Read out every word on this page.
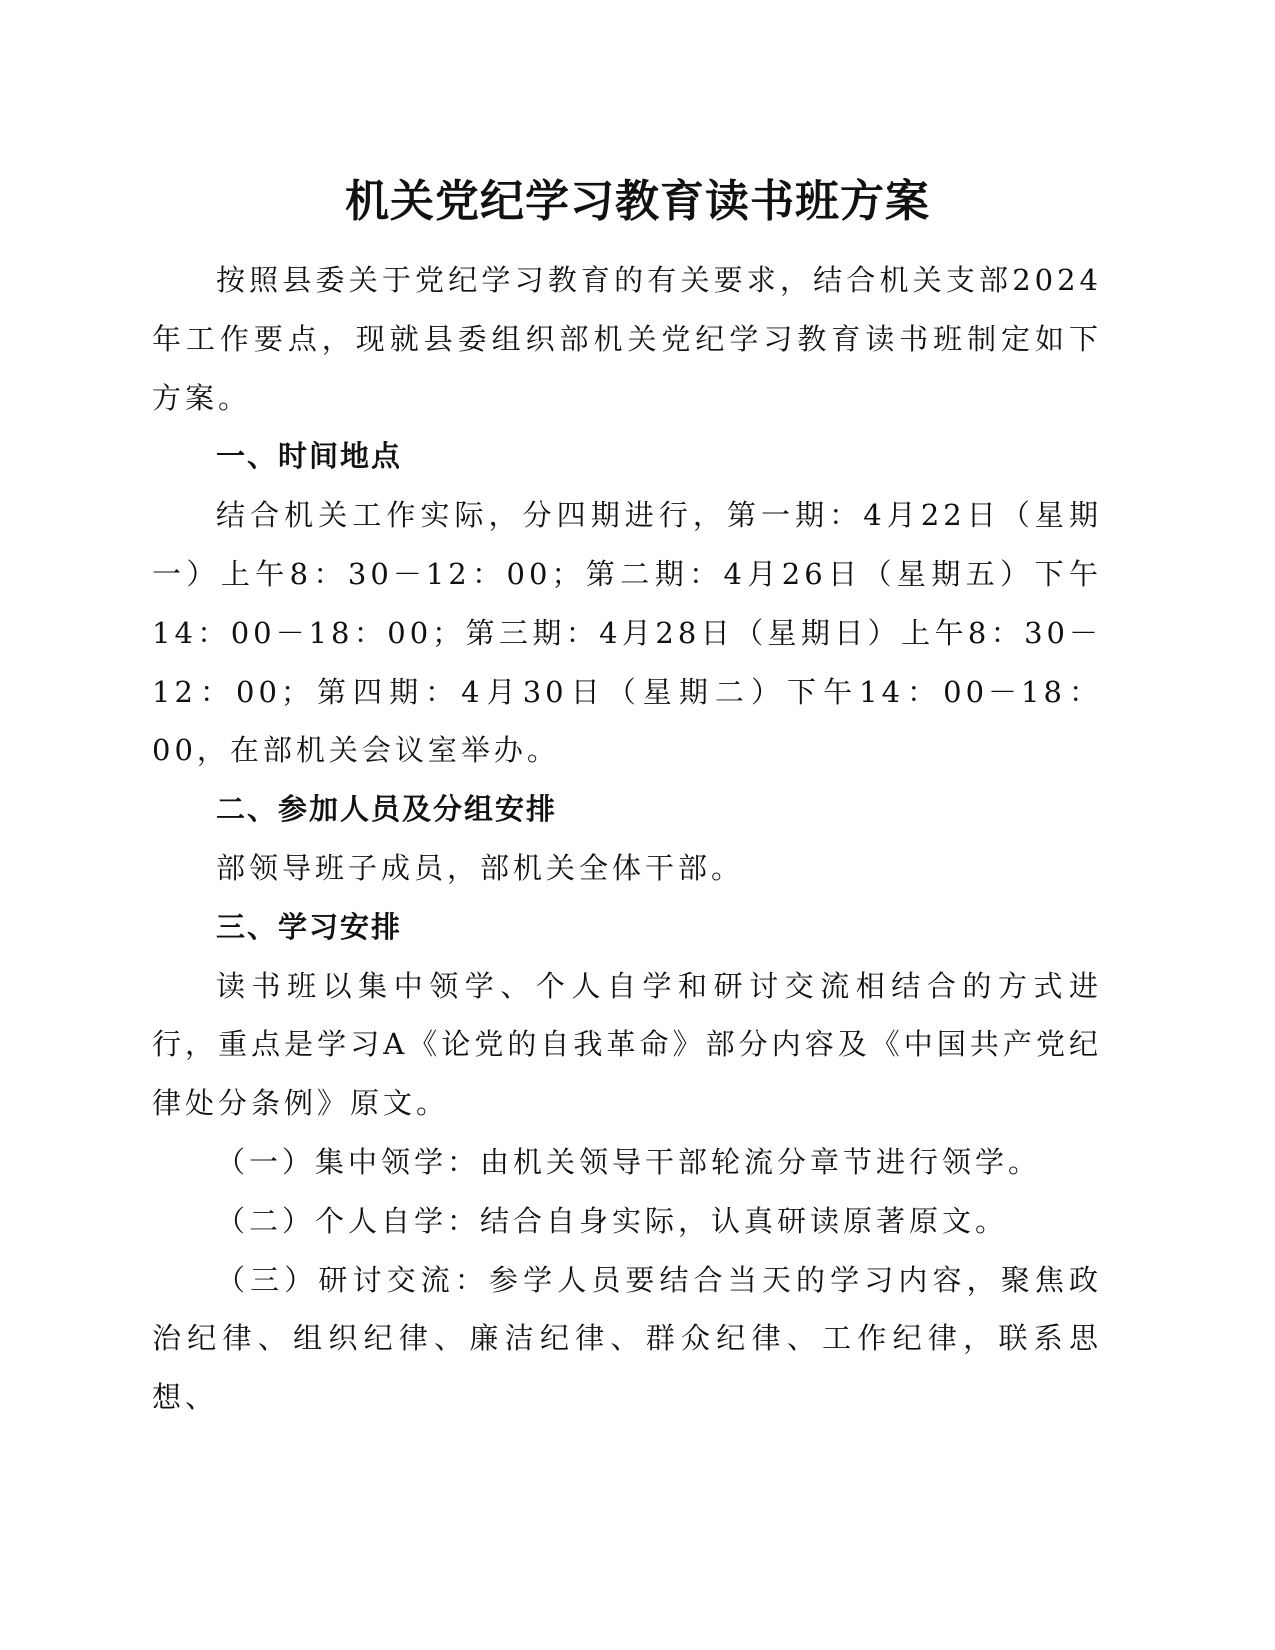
机关党纪学习教育读书班方案

按照县委关于党纪学习教育的有关要求，结合机关支部2024年工作要点，现就县委组织部机关党纪学习教育读书班制定如下方案。

一、时间地点

结合机关工作实际，分四期进行，第一期：4月22日（星期一）上午8：30－12：00；第二期：4月26日（星期五）下午14：00－18：00；第三期：4月28日（星期日）上午8：30－12：00；第四期：4月30日（星期二）下午14：00－18：00，在部机关会议室举办。

二、参加人员及分组安排

部领导班子成员，部机关全体干部。

三、学习安排

读书班以集中领学、个人自学和研讨交流相结合的方式进行，重点是学习A《论党的自我革命》部分内容及《中国共产党纪律处分条例》原文。

（一）集中领学：由机关领导干部轮流分章节进行领学。

（二）个人自学：结合自身实际，认真研读原著原文。

（三）研讨交流：参学人员要结合当天的学习内容，聚焦政治纪律、组织纪律、廉洁纪律、群众纪律、工作纪律，联系思想、
